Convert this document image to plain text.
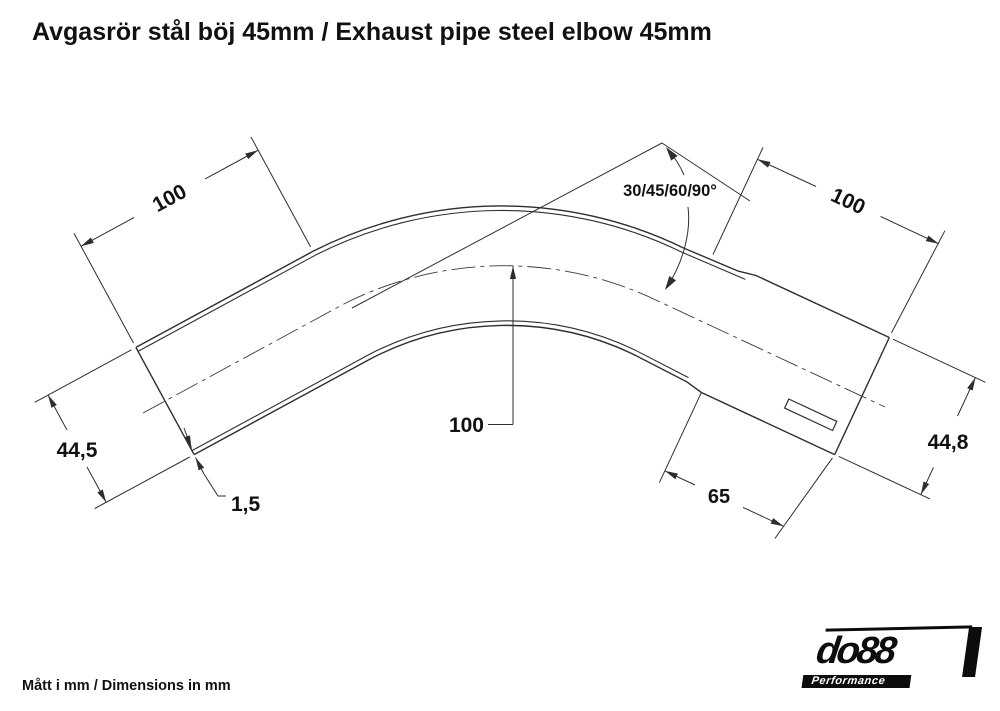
Avgasrör stål böj 45mm / Exhaust pipe steel elbow 45mm
100	100
30/45/60/90°
100
44,5
1,5	65
44,8
Mått i mm / Dimensions in mm
do88
Performance
